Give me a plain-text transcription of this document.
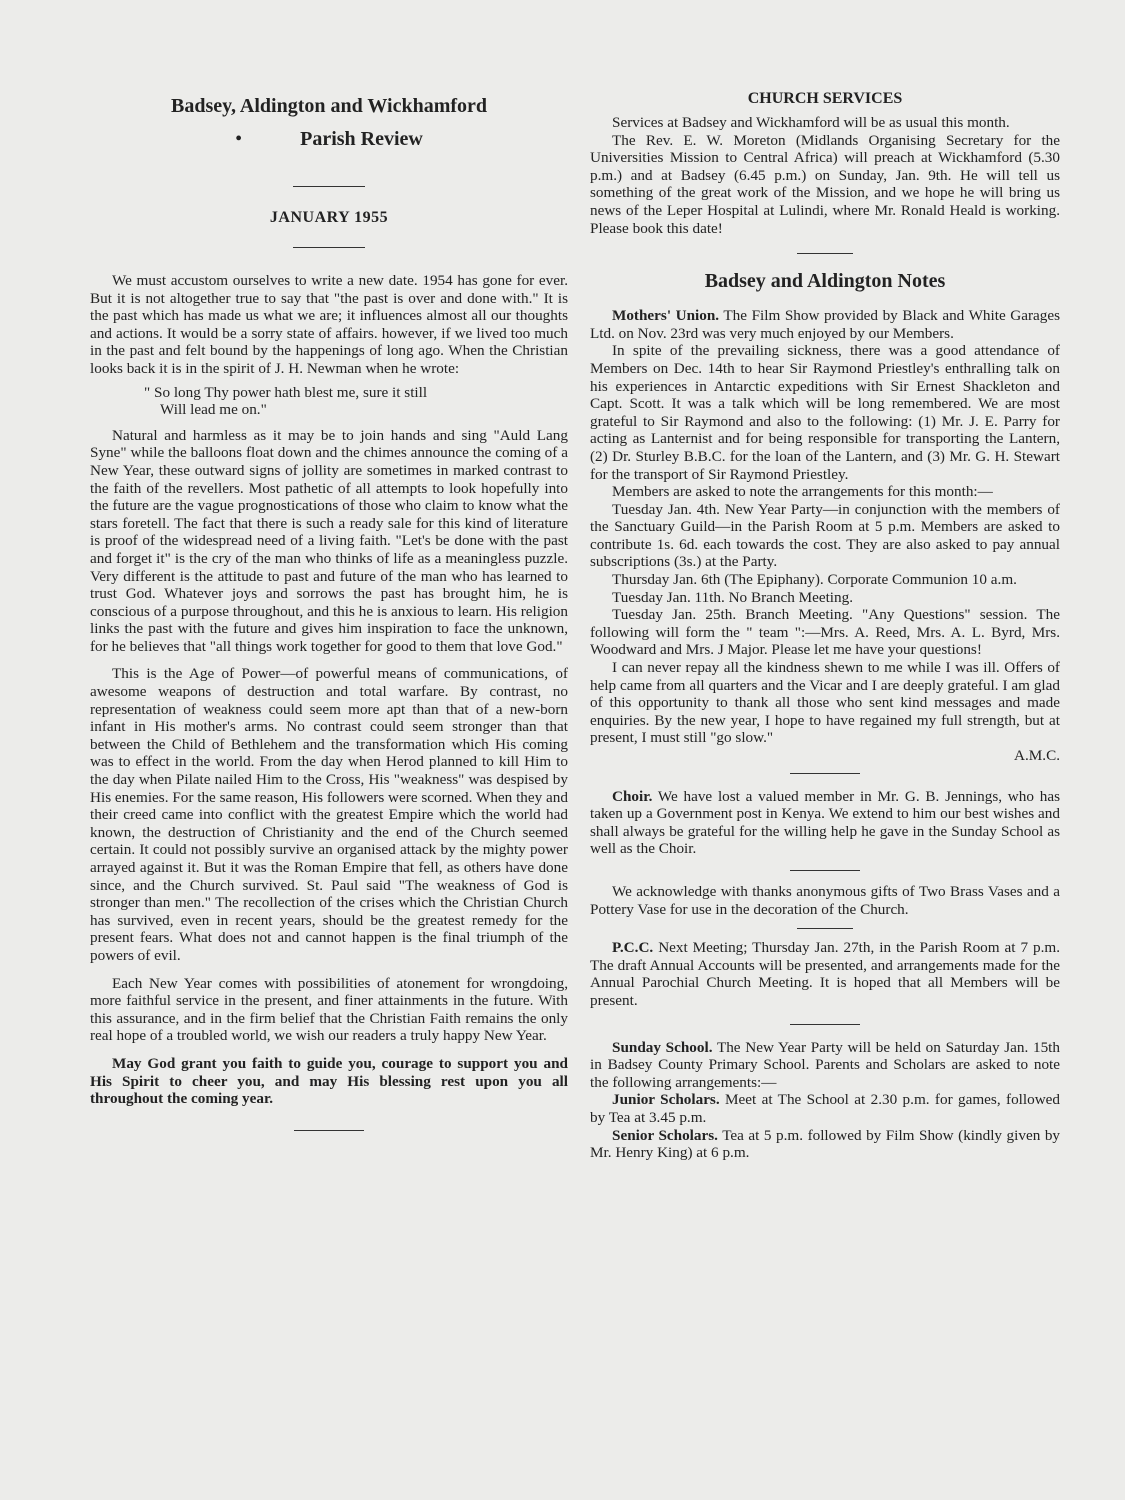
Badsey, Aldington and Wickhamford
•	Parish Review
JANUARY 1955

We must accustom ourselves to write a new date. 1954 has gone for ever. But it is not altogether true to say that "the past is over and done with." It is the past which has made us what we are; it influences almost all our thoughts and actions. It would be a sorry state of affairs. however, if we lived too much in the past and felt bound by the happenings of long ago. When the Christian looks back it is in the spirit of J. H. Newman when he wrote:

" So long Thy power hath blest me, sure it still
Will lead me on."

Natural and harmless as it may be to join hands and sing "Auld Lang Syne" while the balloons float down and the chimes announce the coming of a New Year, these outward signs of jollity are sometimes in marked contrast to the faith of the revellers. Most pathetic of all attempts to look hopefully into the future are the vague prognostications of those who claim to know what the stars foretell. The fact that there is such a ready sale for this kind of literature is proof of the widespread need of a living faith. "Let's be done with the past and forget it" is the cry of the man who thinks of life as a meaningless puzzle. Very different is the attitude to past and future of the man who has learned to trust God. Whatever joys and sorrows the past has brought him, he is conscious of a purpose throughout, and this he is anxious to learn. His religion links the past with the future and gives him inspiration to face the unknown, for he believes that "all things work together for good to them that love God."

This is the Age of Power—of powerful means of communications, of awesome weapons of destruction and total warfare. By contrast, no representation of weakness could seem more apt than that of a new-born infant in His mother's arms. No contrast could seem stronger than that between the Child of Bethlehem and the transformation which His coming was to effect in the world. From the day when Herod planned to kill Him to the day when Pilate nailed Him to the Cross, His "weakness" was despised by His enemies. For the same reason, His followers were scorned. When they and their creed came into conflict with the greatest Empire which the world had known, the destruction of Christianity and the end of the Church seemed certain. It could not possibly survive an organised attack by the mighty power arrayed against it. But it was the Roman Empire that fell, as others have done since, and the Church survived. St. Paul said "The weakness of God is stronger than men." The recollection of the crises which the Christian Church has survived, even in recent years, should be the greatest remedy for the present fears. What does not and cannot happen is the final triumph of the powers of evil.

Each New Year comes with possibilities of atonement for wrongdoing, more faithful service in the present, and finer attainments in the future. With this assurance, and in the firm belief that the Christian Faith remains the only real hope of a troubled world, we wish our readers a truly happy New Year.

May God grant you faith to guide you, courage to support you and His Spirit to cheer you, and may His blessing rest upon you all throughout the coming year.

CHURCH SERVICES

Services at Badsey and Wickhamford will be as usual this month.

The Rev. E. W. Moreton (Midlands Organising Secretary for the Universities Mission to Central Africa) will preach at Wickhamford (5.30 p.m.) and at Badsey (6.45 p.m.) on Sunday, Jan. 9th. He will tell us something of the great work of the Mission, and we hope he will bring us news of the Leper Hospital at Lulindi, where Mr. Ronald Heald is working. Please book this date!

Badsey and Aldington Notes

Mothers' Union. The Film Show provided by Black and White Garages Ltd. on Nov. 23rd was very much enjoyed by our Members.

In spite of the prevailing sickness, there was a good attendance of Members on Dec. 14th to hear Sir Raymond Priestley's enthralling talk on his experiences in Antarctic expeditions with Sir Ernest Shackleton and Capt. Scott. It was a talk which will be long remembered. We are most grateful to Sir Raymond and also to the following: (1) Mr. J. E. Parry for acting as Lanternist and for being responsible for transporting the Lantern, (2) Dr. Sturley B.B.C. for the loan of the Lantern, and (3) Mr. G. H. Stewart for the transport of Sir Raymond Priestley.

Members are asked to note the arrangements for this month:—

Tuesday Jan. 4th. New Year Party—in conjunction with the members of the Sanctuary Guild—in the Parish Room at 5 p.m. Members are asked to contribute 1s. 6d. each towards the cost. They are also asked to pay annual subscriptions (3s.) at the Party.

Thursday Jan. 6th (The Epiphany). Corporate Communion 10 a.m.

Tuesday Jan. 11th. No Branch Meeting.

Tuesday Jan. 25th. Branch Meeting. "Any Questions" session. The following will form the " team ":—Mrs. A. Reed, Mrs. A. L. Byrd, Mrs. Woodward and Mrs. J Major. Please let me have your questions!

I can never repay all the kindness shewn to me while I was ill. Offers of help came from all quarters and the Vicar and I are deeply grateful. I am glad of this opportunity to thank all those who sent kind messages and made enquiries. By the new year, I hope to have regained my full strength, but at present, I must still "go slow."

A.M.C.

Choir. We have lost a valued member in Mr. G. B. Jennings, who has taken up a Government post in Kenya. We extend to him our best wishes and shall always be grateful for the willing help he gave in the Sunday School as well as the Choir.

We acknowledge with thanks anonymous gifts of Two Brass Vases and a Pottery Vase for use in the decoration of the Church.

P.C.C. Next Meeting; Thursday Jan. 27th, in the Parish Room at 7 p.m. The draft Annual Accounts will be presented, and arrangements made for the Annual Parochial Church Meeting. It is hoped that all Members will be present.

Sunday School. The New Year Party will be held on Saturday Jan. 15th in Badsey County Primary School. Parents and Scholars are asked to note the following arrangements:—

Junior Scholars. Meet at The School at 2.30 p.m. for games, followed by Tea at 3.45 p.m.

Senior Scholars. Tea at 5 p.m. followed by Film Show (kindly given by Mr. Henry King) at 6 p.m.
